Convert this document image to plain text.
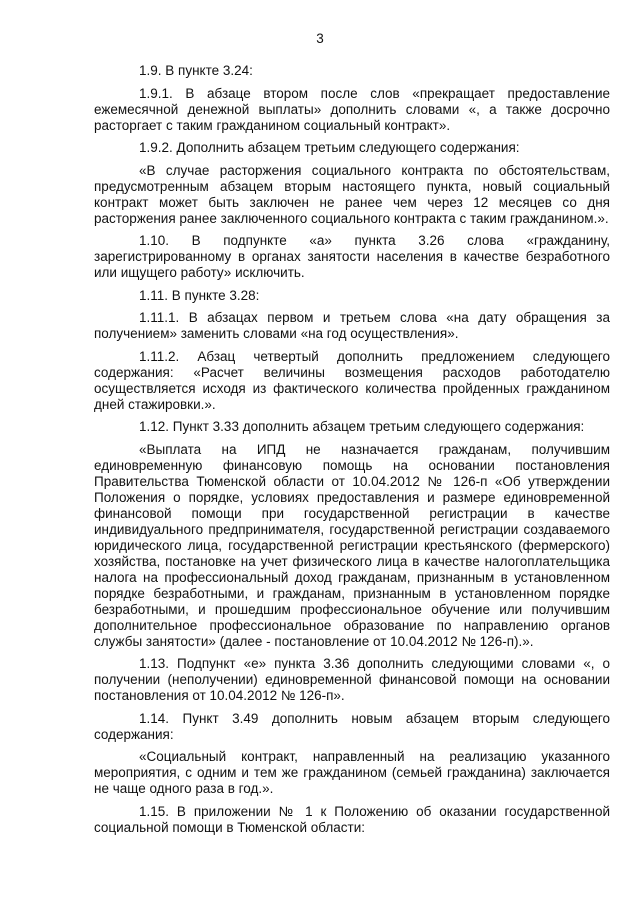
3

1.9. В пункте 3.24:

1.9.1. В абзаце втором после слов «прекращает предоставление ежемесячной денежной выплаты» дополнить словами «, а также досрочно расторгает с таким гражданином социальный контракт».

1.9.2. Дополнить абзацем третьим следующего содержания:

«В случае расторжения социального контракта по обстоятельствам, предусмотренным абзацем вторым настоящего пункта, новый социальный контракт может быть заключен не ранее чем через 12 месяцев со дня расторжения ранее заключенного социального контракта с таким гражданином.».

1.10. В подпункте «а» пункта 3.26 слова «гражданину, зарегистрированному в органах занятости населения в качестве безработного или ищущего работу» исключить.

1.11. В пункте 3.28:

1.11.1. В абзацах первом и третьем слова «на дату обращения за получением» заменить словами «на год осуществления».

1.11.2. Абзац четвертый дополнить предложением следующего содержания: «Расчет величины возмещения расходов работодателю осуществляется исходя из фактического количества пройденных гражданином дней стажировки.».

1.12. Пункт 3.33 дополнить абзацем третьим следующего содержания:

«Выплата на ИПД не назначается гражданам, получившим единовременную финансовую помощь на основании постановления Правительства Тюменской области от 10.04.2012 № 126-п «Об утверждении Положения о порядке, условиях предоставления и размере единовременной финансовой помощи при государственной регистрации в качестве индивидуального предпринимателя, государственной регистрации создаваемого юридического лица, государственной регистрации крестьянского (фермерского) хозяйства, постановке на учет физического лица в качестве налогоплательщика налога на профессиональный доход гражданам, признанным в установленном порядке безработными, и гражданам, признанным в установленном порядке безработными, и прошедшим профессиональное обучение или получившим дополнительное профессиональное образование по направлению органов службы занятости» (далее - постановление от 10.04.2012 № 126-п).».

1.13. Подпункт «е» пункта 3.36 дополнить следующими словами «, о получении (неполучении) единовременной финансовой помощи на основании постановления от 10.04.2012 № 126-п».

1.14. Пункт 3.49 дополнить новым абзацем вторым следующего содержания:

«Социальный контракт, направленный на реализацию указанного мероприятия, с одним и тем же гражданином (семьей гражданина) заключается не чаще одного раза в год.».

1.15. В приложении № 1 к Положению об оказании государственной социальной помощи в Тюменской области:
